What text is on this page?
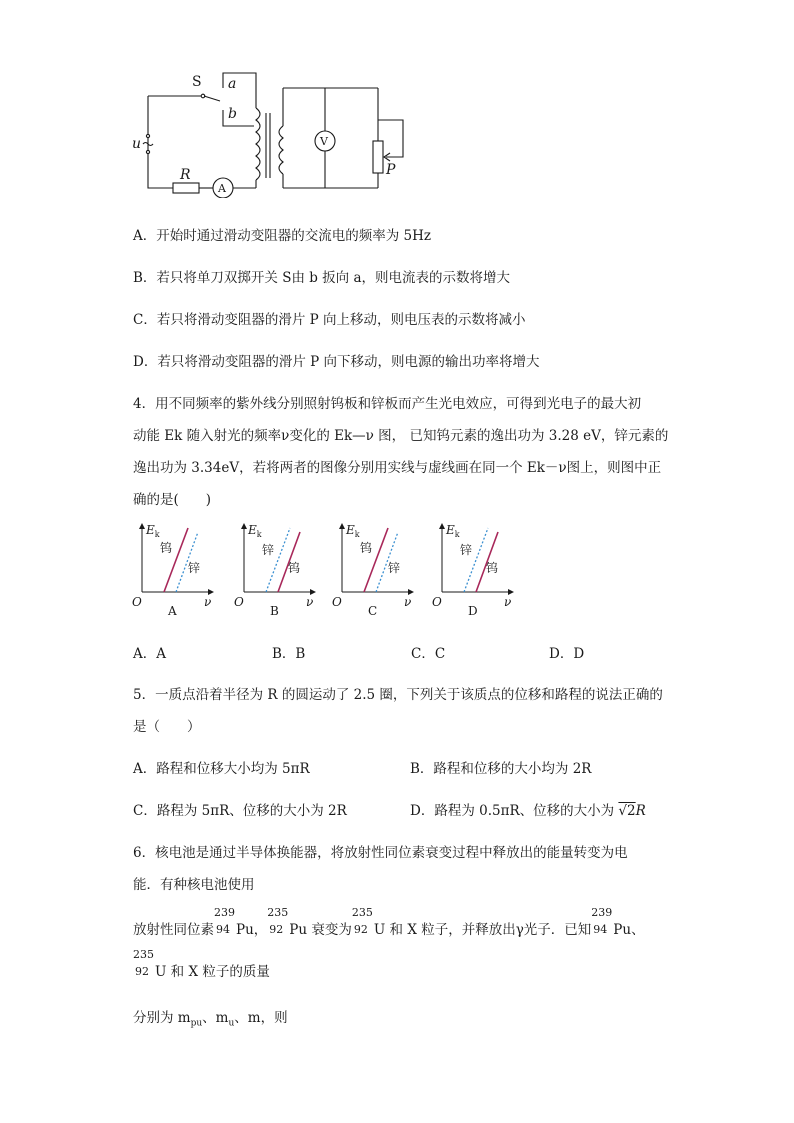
S a
b
u
R
A
V
P
A．开始时通过滑动变阻器的交流电的频率为 5Hz
B．若只将单刀双掷开关 S由 b 扳向 a，则电流表的示数将增大
C．若只将滑动变阻器的滑片 P 向上移动，则电压表的示数将减小
D．若只将滑动变阻器的滑片 P 向下移动，则电源的输出功率将增大
4．用不同频率的紫外线分别照射钨板和锌板而产生光电效应，可得到光电子的最大初
动能 Ek 随入射光的频率ν变化的 Ek—ν 图， 已知钨元素的逸出功为 3.28 eV，锌元素的
逸出功为 3.34eV，若将两者的图像分别用实线与虚线画在同一个 Ek－ν图上，则图中正
确的是(　　)
$E_k$
钨
锌
O	ν
A
$E_k$
钨
锌
O	ν
B
$E_k$
钨
锌
O	ν
C
$E_k$
钨
锌
O	ν
D
A．A	B．B	C．C	D．D
5．一质点沿着半径为 R 的圆运动了 2.5 圈，下列关于该质点的位移和路程的说法正确的
是（　　）
A．路程和位移大小均为 5πR	B．路程和位移的大小均为 2R
C．路程为 5πR、位移的大小为 2R	D．路程为 0.5πR、位移的大小为 √2R
6．核电池是通过半导体换能器，将放射性同位素衰变过程中释放出的能量转变为电
能．有种核电池使用
放射性同位素
239
94 Pu，
235
92 Pu 衰变为
235
92 U 和 X 粒子，并释放出γ光子．已知
239
94 Pu、
235
92 U 和 X 粒子的质量
分别为 $m_{pu}$、$m_u$、m，则
